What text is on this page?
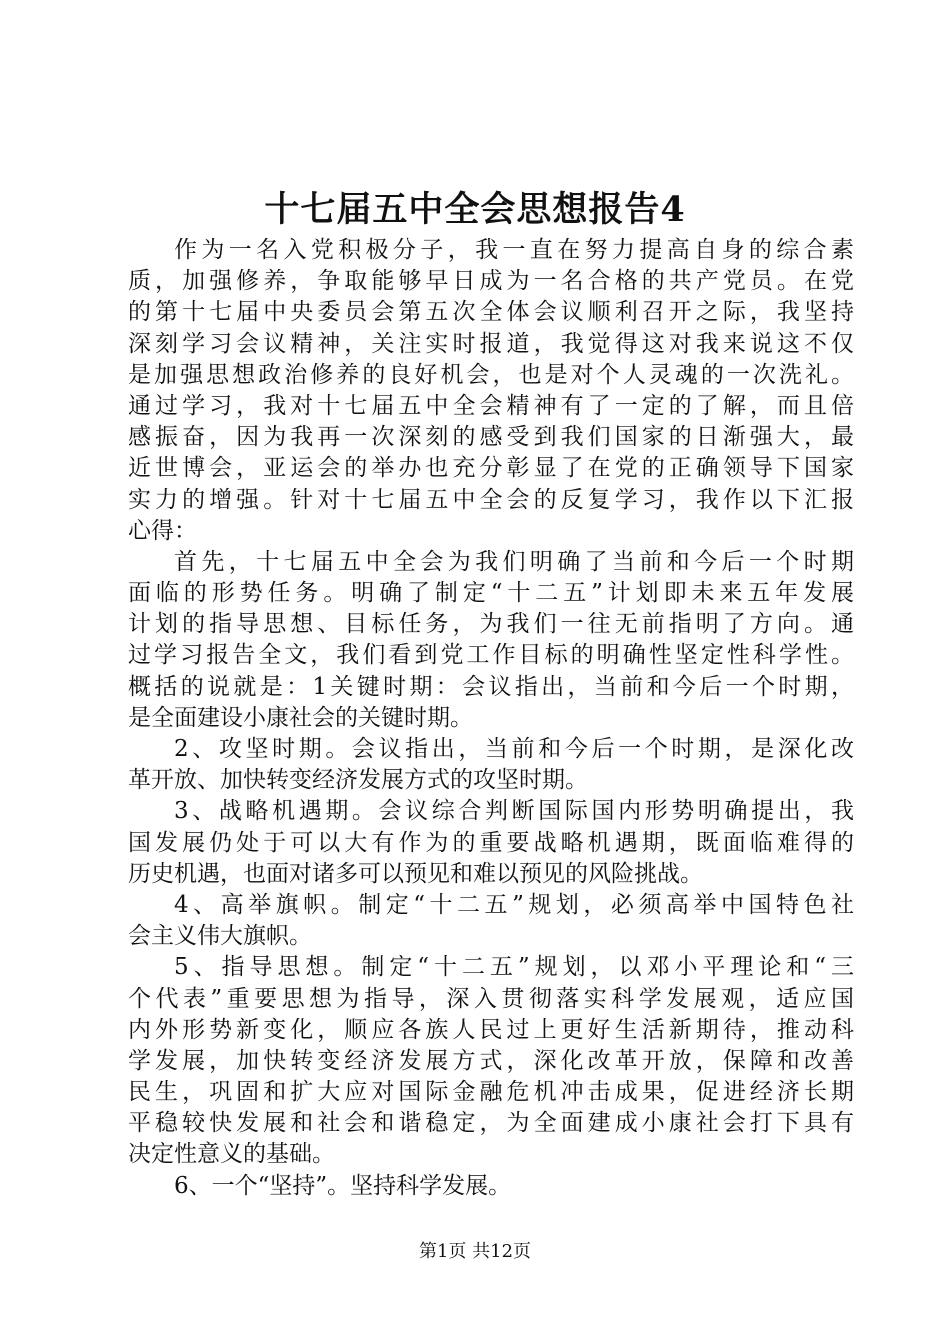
十七届五中全会思想报告4
作为一名入党积极分子，我一直在努力提高自身的综合素
质，加强修养，争取能够早日成为一名合格的共产党员。在党
的第十七届中央委员会第五次全体会议顺利召开之际，我坚持
深刻学习会议精神，关注实时报道，我觉得这对我来说这不仅
是加强思想政治修养的良好机会，也是对个人灵魂的一次洗礼。
通过学习，我对十七届五中全会精神有了一定的了解，而且倍
感振奋，因为我再一次深刻的感受到我们国家的日渐强大，最
近世博会，亚运会的举办也充分彰显了在党的正确领导下国家
实力的增强。针对十七届五中全会的反复学习，我作以下汇报
心得：
首先，十七届五中全会为我们明确了当前和今后一个时期
面临的形势任务。明确了制定“十二五”计划即未来五年发展
计划的指导思想、目标任务，为我们一往无前指明了方向。通
过学习报告全文，我们看到党工作目标的明确性坚定性科学性。
概括的说就是：1关键时期：会议指出，当前和今后一个时期，
是全面建设小康社会的关键时期。
2、攻坚时期。会议指出，当前和今后一个时期，是深化改
革开放、加快转变经济发展方式的攻坚时期。
3、战略机遇期。会议综合判断国际国内形势明确提出，我
国发展仍处于可以大有作为的重要战略机遇期，既面临难得的
历史机遇，也面对诸多可以预见和难以预见的风险挑战。
4、高举旗帜。制定“十二五”规划，必须高举中国特色社
会主义伟大旗帜。
5、指导思想。制定“十二五”规划，以邓小平理论和“三
个代表”重要思想为指导，深入贯彻落实科学发展观，适应国
内外形势新变化，顺应各族人民过上更好生活新期待，推动科
学发展，加快转变经济发展方式，深化改革开放，保障和改善
民生，巩固和扩大应对国际金融危机冲击成果，促进经济长期
平稳较快发展和社会和谐稳定，为全面建成小康社会打下具有
决定性意义的基础。
6、一个“坚持”。坚持科学发展。
第1页 共12页
